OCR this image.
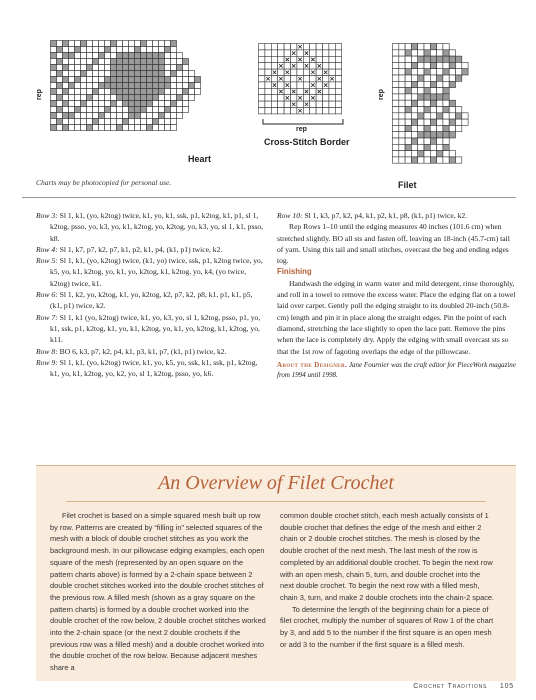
rep
Heart
rep
Cross-Stitch Border
rep
Filet
Charts may be photocopied for personal use.

Row 3: Sl 1, k1, (yo, k2tog) twice, k1, yo, k1, ssk, p1, k2tog, k1, p1, sl 1, k2tog, psso, yo, k3, yo, k1, k2tog, yo, k2tog, yo, k3, yo, sl 1, k1, psso, k8.

Row 4: Sl 1, k7, p7, k2, p7, k1, p2, k1, p4, (k1, p1) twice, k2.

Row 5: Sl 1, k1, (yo, k2tog) twice, (k1, yo) twice, ssk, p1, k2tog twice, yo, k5, yo, k1, k2tog, yo, k1, yo, k2tog, k1, k2tog, yo, k4, (yo twice, k2tog) twice, k1.

Row 6: Sl 1, k2, yo, k2tog, k1, yo, k2tog, k2, p7, k2, p8, k1, p1, k1, p5, (k1, p1) twice, k2.

Row 7: Sl 1, k1 (yo, k2tog) twice, k1, yo, k3, yo, sl 1, k2tog, psso, p1, yo, k1, ssk, p1, k2tog, k1, yo, k1, k2tog, yo, k1, yo, k2tog, k1, k2tog, yo, k11.

Row 8: BO 6, k3, p7, k2, p4, k1, p3, k1, p7, (k1, p1) twice, k2.

Row 9: Sl 1, k1, (yo, k2tog) twice, k1, yo, k5, yo, ssk, k1, ssk, p1, k2tog, k1, yo, k1, k2tog, yo, k2, yo, sl 1, k2tog, psso, yo, k6.

Row 10: Sl 1, k3, p7, k2, p4, k1, p2, k1, p8, (k1, p1) twice, k2.

Rep Rows 1–10 until the edging measures 40 inches (101.6 cm) when stretched slightly. BO all sts and fasten off, leaving an 18-inch (45.7-cm) tail of yarn. Using this tail and small stitches, overcast the beg and ending edges tog.

Finishing

Handwash the edging in warm water and mild detergent, rinse thoroughly, and roll in a towel to remove the excess water. Place the edging flat on a towel laid over carpet. Gently pull the edging straight to its doubled 20-inch (50.8-cm) length and pin it in place along the straight edges. Pin the point of each diamond, stretching the lace slightly to open the lace patt. Remove the pins when the lace is completely dry. Apply the edging with small overcast sts so that the 1st row of fagoting overlaps the edge of the pillowcase.

About the Designer. Jane Fournier was the craft editor for PieceWork magazine from 1994 until 1998.

An Overview of Filet Crochet

Filet crochet is based on a simple squared mesh built up row by row. Patterns are created by “filling in” selected squares of the mesh with a block of double crochet stitches as you work the background mesh. In our pillowcase edging examples, each open square of the mesh (represented by an open square on the pattern charts above) is formed by a 2-chain space between 2 double crochet stitches worked into the double crochet stitches of the previous row. A filled mesh (shown as a gray square on the pattern charts) is formed by a double crochet worked into the double crochet of the row below, 2 double crochet stitches worked into the 2-chain space (or the next 2 double crochets if the previous row was a filled mesh) and a double crochet worked into the double crochet of the row below. Because adjacent meshes share a

common double crochet stitch, each mesh actually consists of 1 double crochet that defines the edge of the mesh and either 2 chain or 2 double crochet stitches. The mesh is closed by the double crochet of the next mesh. The last mesh of the row is completed by an additional double crochet. To begin the next row with an open mesh, chain 5, turn, and double crochet into the next double crochet. To begin the next row with a filled mesh, chain 3, turn, and make 2 double crochets into the chain-2 space.

To determine the length of the beginning chain for a piece of filet crochet, multiply the number of squares of Row 1 of the chart by 3, and add 5 to the number if the first square is an open mesh or add 3 to the number if the first square is a filled mesh.

Crochet Traditions 105
